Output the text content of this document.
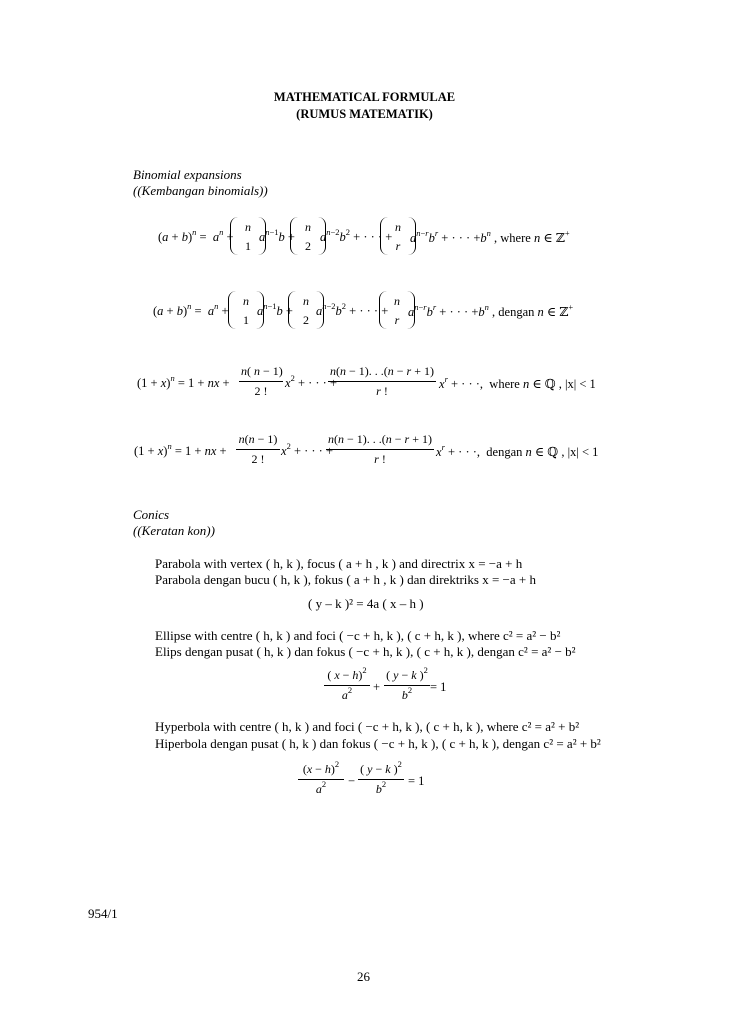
MATHEMATICAL FORMULAE
(RUMUS MATEMATIK)
Binomial expansions
((Kembangan binomials))
$(a + b)^n = a^n$ +
n
1
$a^{n-1}b$ +
n
2
$a^{n-2}b^2$ + · · · +
n
r
$a^{n-r}b^r$ + · · · $+b^n$ , where n ∈ ℤ+
$(a + b)^n = a^n$ +
n
1
$a^{n-1}b$ +
n
2
$a^{n-2}b^2$ + · · · +
n
r
$a^{n-r}b^r$ + · · · $+b^n$ , dengan n ∈ ℤ+
$(1 + x)^n = 1$ + nx +
n( n − 1)
2 !
$x^2$ + · · · +
n(n − 1). . .(n − r + 1)
r !	$x^r$ + · · ·,  where n ∈ ℚ , |x| < 1
$(1 + x)^n = 1$ + nx +
n(n − 1)
2 !
$x^2$ + · · · +
n(n − 1). . .(n − r + 1)
r !	$x^r$ + · · ·,  dengan n ∈ ℚ , |x| < 1
Conics
((Keratan kon))
Parabola with vertex ( h, k ), focus ( a + h , k ) and directrix x = −a + h
Parabola dengan bucu ( h, k ), fokus ( a + h , k ) dan direktriks x = −a + h
( y – k )² = 4a ( x – h )
Ellipse with centre ( h, k ) and foci ( −c + h, k ), ( c + h, k ), where c² = a² − b²
Elips dengan pusat ( h, k ) dan fokus ( −c + h, k ), ( c + h, k ), dengan c² = a² − b²
( x − h)$^2$
$a^2$	+
( y − k )$^2$
$b^2$	= 1
Hyperbola with centre ( h, k ) and foci ( −c + h, k ), ( c + h, k ), where c² = a² + b²
Hiperbola dengan pusat ( h, k ) dan fokus ( −c + h, k ), ( c + h, k ), dengan c² = a² + b²
$(x - h)^2$
$a^2$	−
( y − k )$^2$
$b^2$	= 1
954/1
26
